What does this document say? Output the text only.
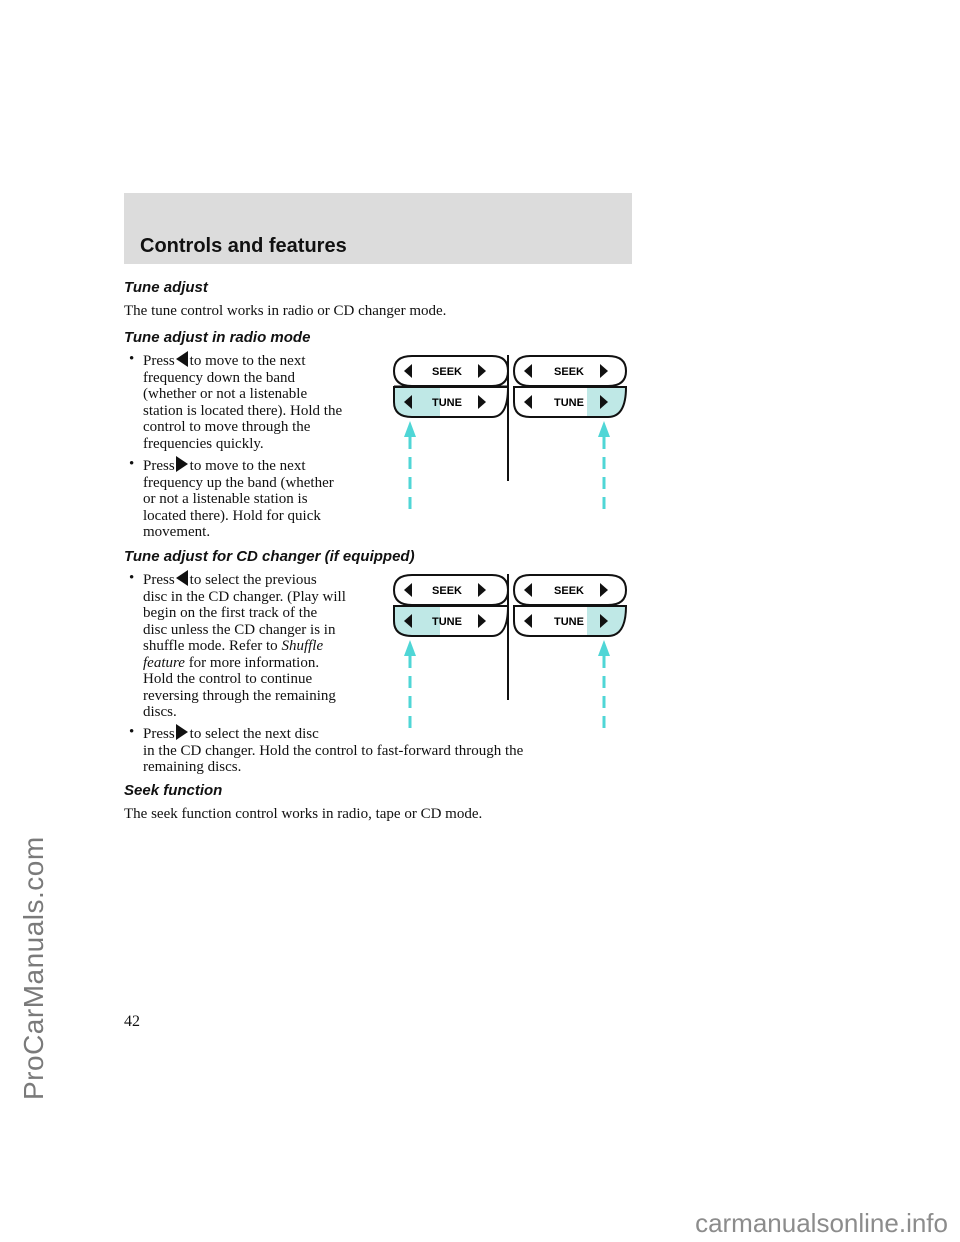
ProCarManuals.com
Controls and features
Tune adjust
The tune control works in radio or CD changer mode.
Tune adjust in radio mode
• Press to move to the next
frequency down the band
(whether or not a listenable
station is located there). Hold the
control to move through the
frequencies quickly.
• Press to move to the next
frequency up the band (whether
or not a listenable station is
located there). Hold for quick
movement.
SEEK
TUNE
SEEK
TUNE
Tune adjust for CD changer (if equipped)
• Press to select the previous
disc in the CD changer. (Play will
begin on the first track of the
disc unless the CD changer is in
shuffle mode. Refer to Shuffle
feature for more information.
Hold the control to continue
reversing through the remaining
discs.
• Press to select the next disc
in the CD changer. Hold the control to fast-forward through the
remaining discs.
SEEK
TUNE
SEEK
TUNE
Seek function
The seek function control works in radio, tape or CD mode.
42
carmanualsonline.info
